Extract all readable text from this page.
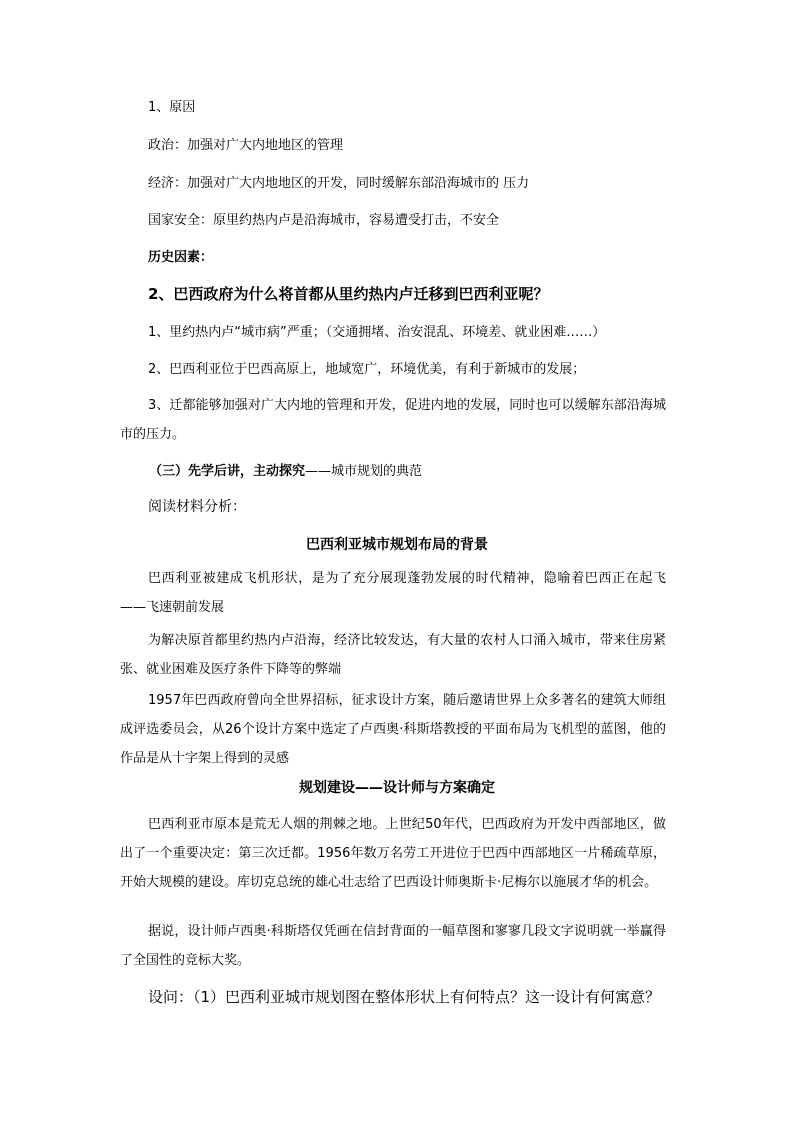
1、原因

政治：加强对广大内地地区的管理

经济：加强对广大内地地区的开发，同时缓解东部沿海城市的 压力

国家安全：原里约热内卢是沿海城市，容易遭受打击，不安全

历史因素：

2、巴西政府为什么将首都从里约热内卢迁移到巴西利亚呢？

1、里约热内卢“城市病”严重；（交通拥堵、治安混乱、环境差、就业困难……）

2、巴西利亚位于巴西高原上，地域宽广，环境优美，有利于新城市的发展；

3、迁都能够加强对广大内地的管理和开发，促进内地的发展，同时也可以缓解东部沿海城市的压力。

（三）先学后讲，主动探究——城市规划的典范

阅读材料分析：

巴西利亚城市规划布局的背景

巴西利亚被建成飞机形状，是为了充分展现蓬勃发展的时代精神，隐喻着巴西正在起飞——飞速朝前发展

为解决原首都里约热内卢沿海，经济比较发达，有大量的农村人口涌入城市，带来住房紧张、就业困难及医疗条件下降等的弊端

1957年巴西政府曾向全世界招标，征求设计方案，随后邀请世界上众多著名的建筑大师组成评选委员会，从26个设计方案中选定了卢西奥·科斯塔教授的平面布局为飞机型的蓝图，他的作品是从十字架上得到的灵感

规划建设——设计师与方案确定

巴西利亚市原本是荒无人烟的荆棘之地。上世纪50年代，巴西政府为开发中西部地区，做出了一个重要决定：第三次迁都。1956年数万名劳工开进位于巴西中西部地区一片稀疏草原，开始大规模的建设。库切克总统的雄心壮志给了巴西设计师奥斯卡·尼梅尔以施展才华的机会。

据说，设计师卢西奥·科斯塔仅凭画在信封背面的一幅草图和寥寥几段文字说明就一举赢得了全国性的竞标大奖。

设问：（1）巴西利亚城市规划图在整体形状上有何特点？这一设计有何寓意？
